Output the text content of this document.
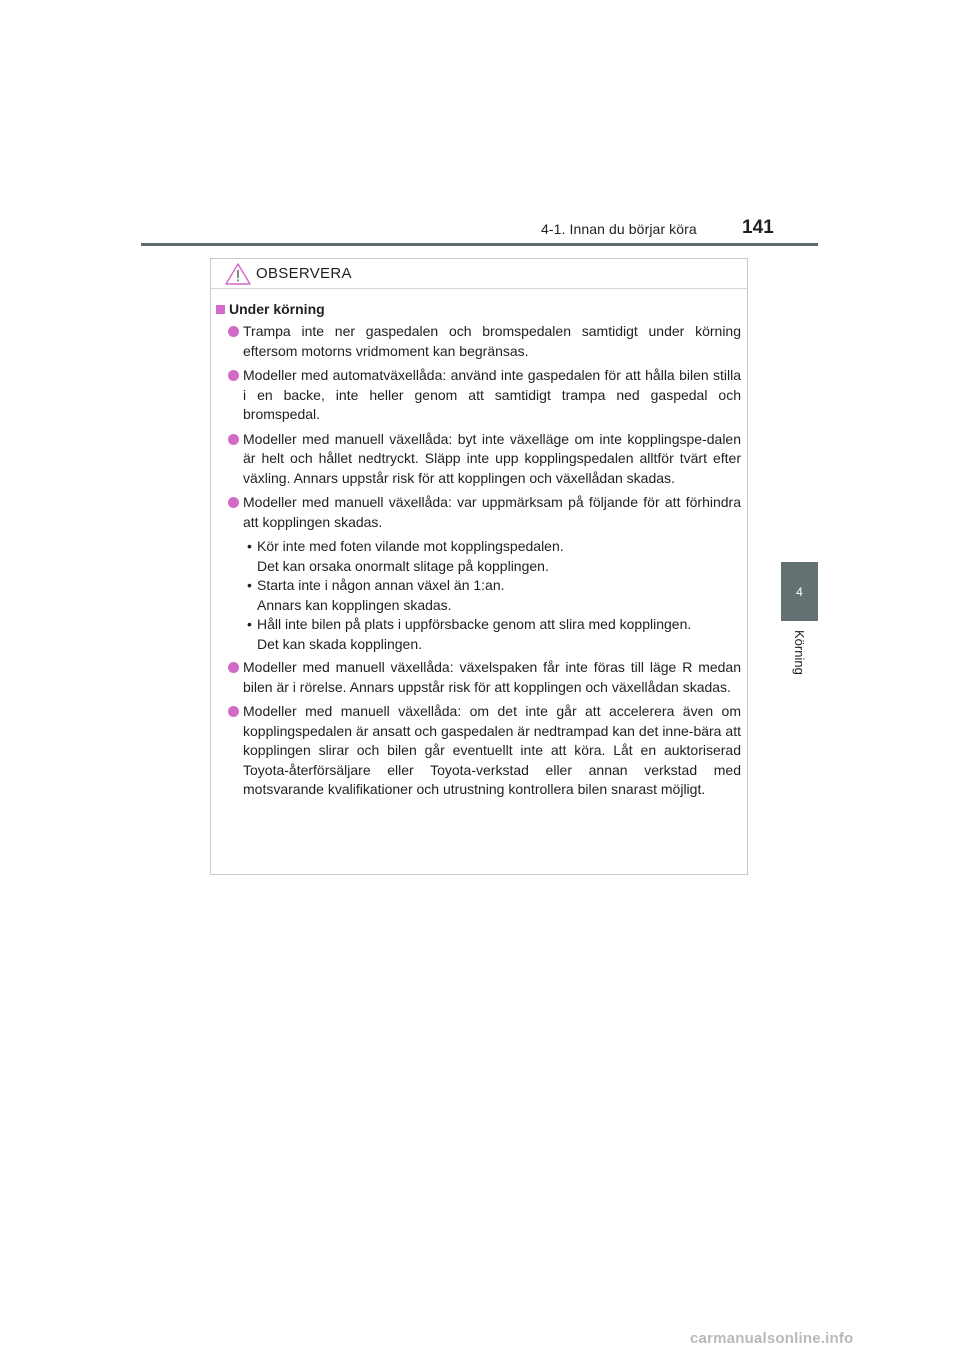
4-1. Innan du börjar köra 141
4
Körning
OBSERVERA
Under körning
Trampa inte ner gaspedalen och bromspedalen samtidigt under körning eftersom motorns vridmoment kan begränsas.
Modeller med automatväxellåda: använd inte gaspedalen för att hålla bilen stilla i en backe, inte heller genom att samtidigt trampa ned gaspedal och bromspedal.
Modeller med manuell växellåda: byt inte växelläge om inte kopplingspe-dalen är helt och hållet nedtryckt. Släpp inte upp kopplingspedalen alltför tvärt efter växling. Annars uppstår risk för att kopplingen och växellådan skadas.
Modeller med manuell växellåda: var uppmärksam på följande för att förhindra att kopplingen skadas.
• Kör inte med foten vilande mot kopplingspedalen.
Det kan orsaka onormalt slitage på kopplingen.
• Starta inte i någon annan växel än 1:an.
Annars kan kopplingen skadas.
• Håll inte bilen på plats i uppförsbacke genom att slira med kopplingen.
Det kan skada kopplingen.
Modeller med manuell växellåda: växelspaken får inte föras till läge R medan bilen är i rörelse. Annars uppstår risk för att kopplingen och växellådan skadas.
Modeller med manuell växellåda: om det inte går att accelerera även om kopplingspedalen är ansatt och gaspedalen är nedtrampad kan det inne-bära att kopplingen slirar och bilen går eventuellt inte att köra. Låt en auktoriserad Toyota-återförsäljare eller Toyota-verkstad eller annan verkstad med motsvarande kvalifikationer och utrustning kontrollera bilen snarast möjligt.
carmanualsonline.info
